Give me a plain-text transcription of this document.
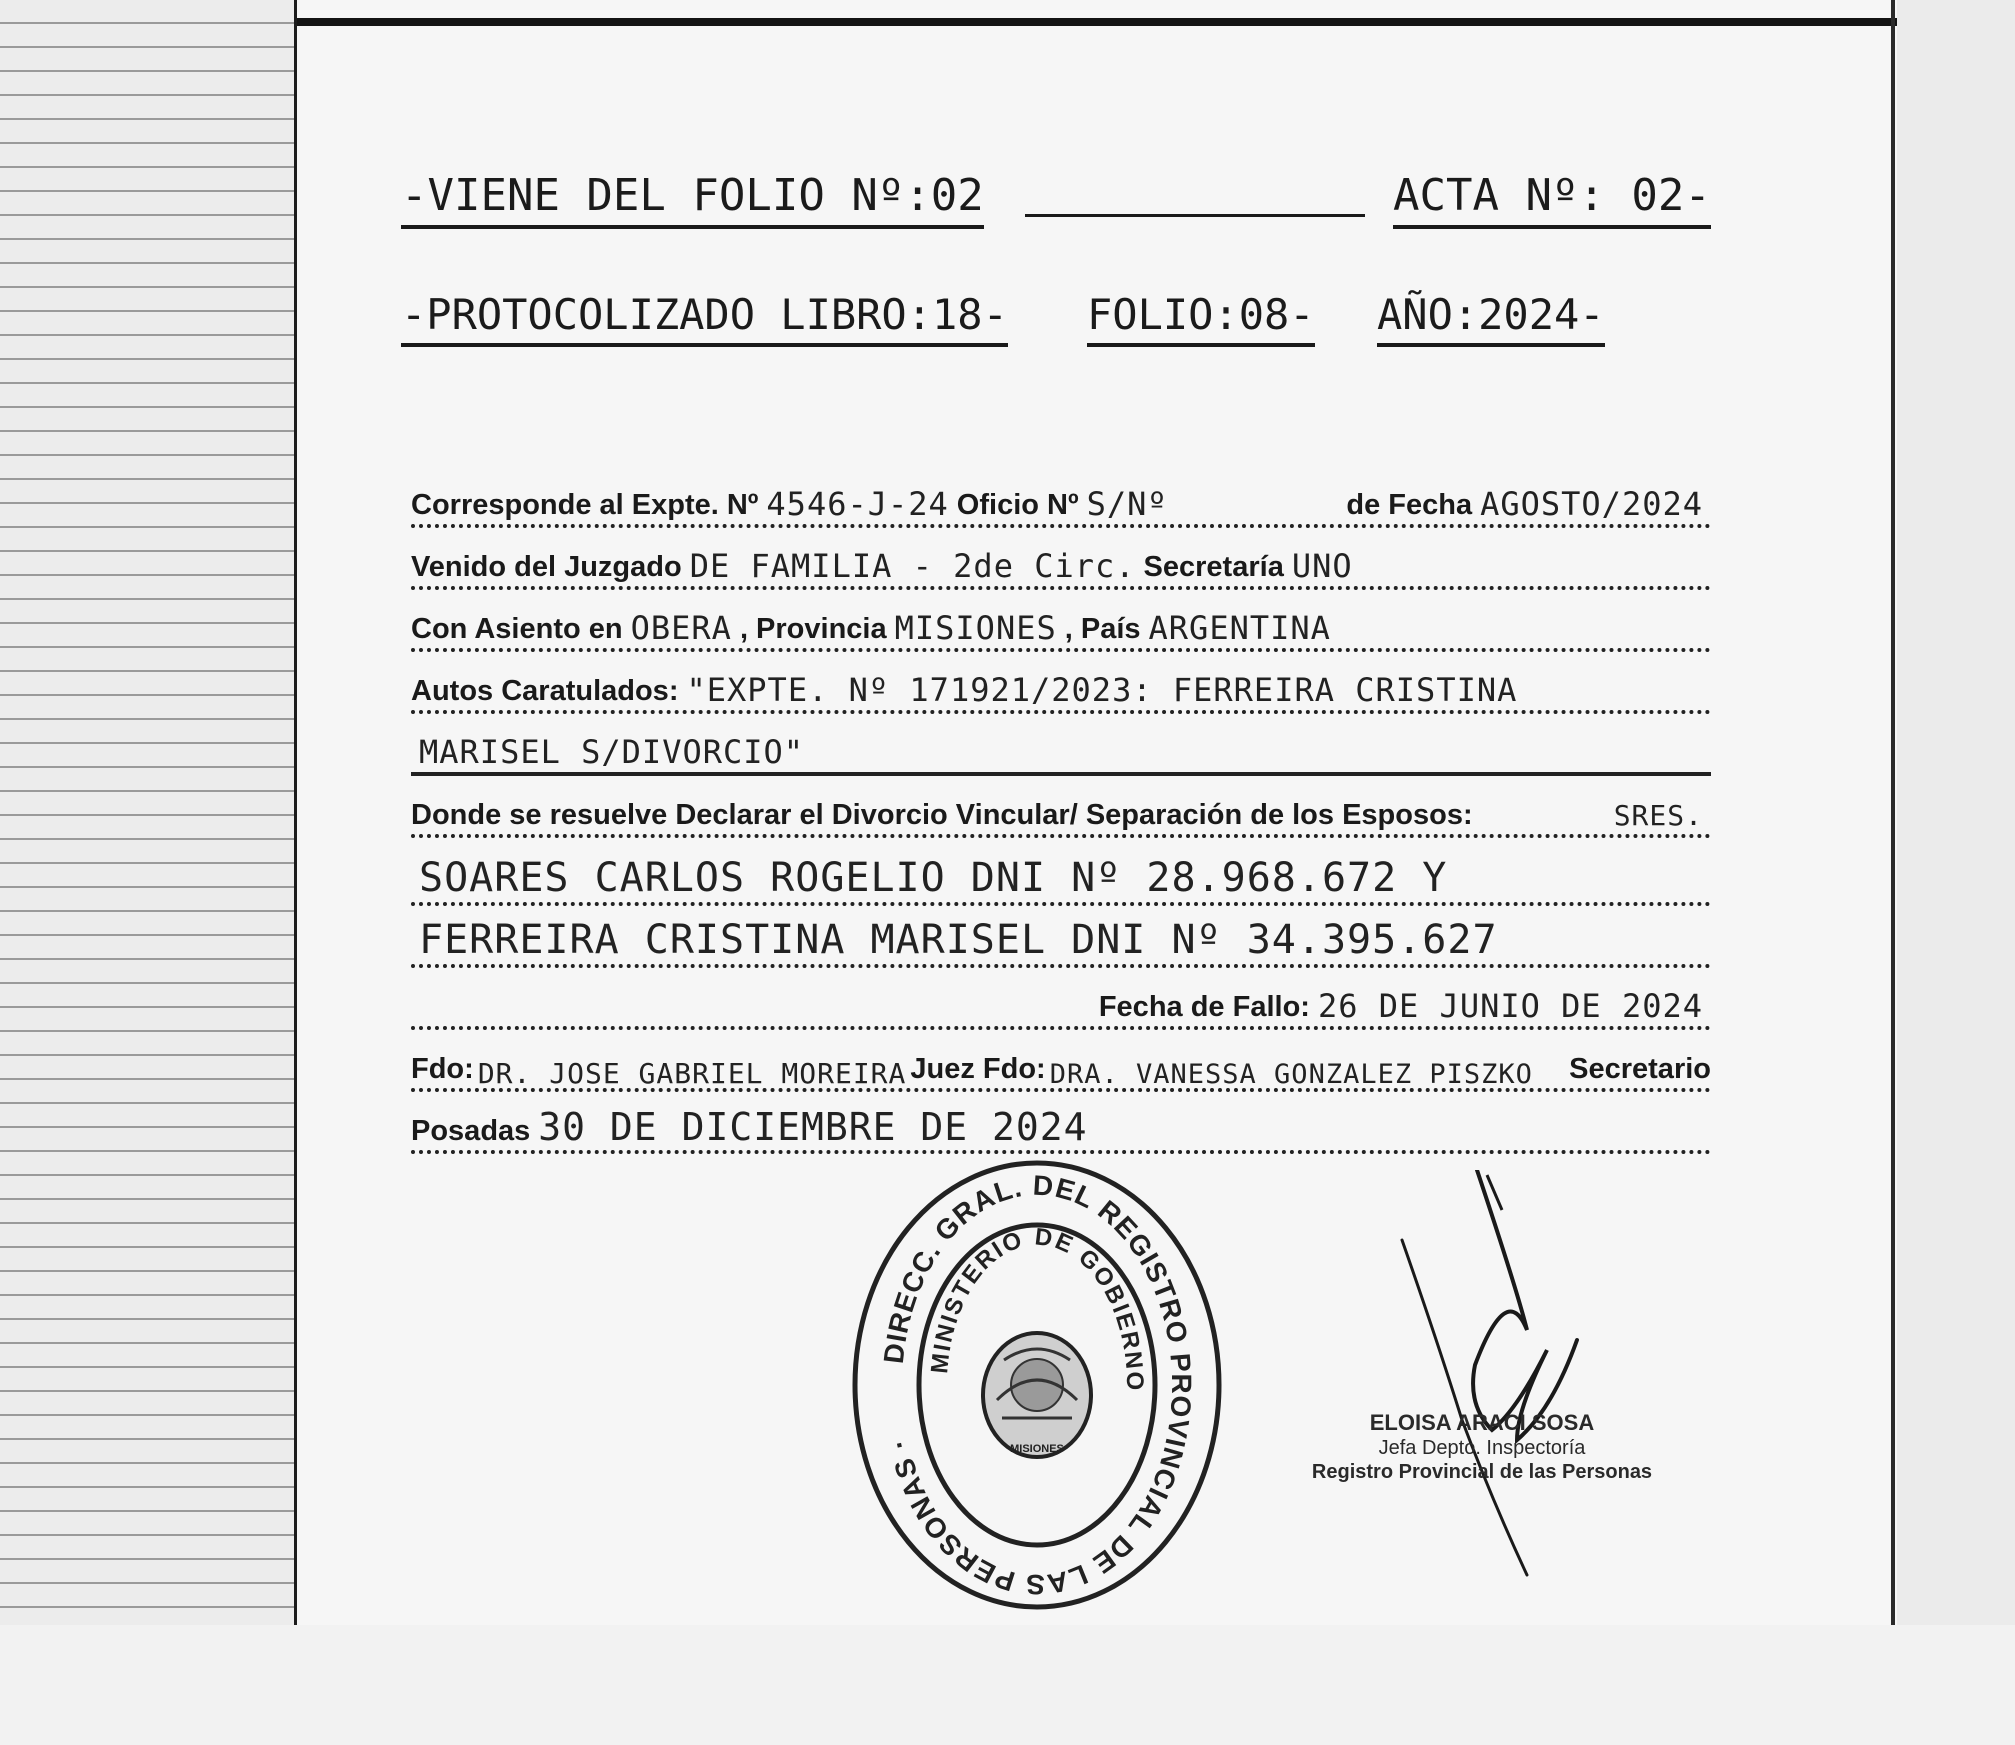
-VIENE DEL FOLIO Nº:02	ACTA Nº: 02-
-PROTOCOLIZADO LIBRO:18- FOLIO:08- AÑO:2024-
Corresponde al Expte. Nº 4546-J-24 Oficio Nº S/Nº	de Fecha AGOSTO/2024
Venido del Juzgado DE FAMILIA - 2de Circ. Secretaría UNO
Con Asiento en OBERA , Provincia MISIONES , País ARGENTINA
Autos Caratulados: "EXPTE. Nº 171921/2023: FERREIRA CRISTINA
MARISEL S/DIVORCIO"
Donde se resuelve Declarar el Divorcio Vincular/ Separación de los Esposos:	SRES.
SOARES CARLOS ROGELIO DNI Nº 28.968.672 Y
FERREIRA CRISTINA MARISEL DNI Nº 34.395.627
Fecha de Fallo: 26 DE JUNIO DE 2024
Fdo: DR. JOSE GABRIEL MOREIRA Juez Fdo: DRA. VANESSA GONZALEZ PISZKO Secretario
Posadas 30 DE DICIEMBRE DE 2024
DIRECC. GRAL. DEL REGISTRO PROVINCIAL DE LAS PERSONAS ·
MINISTERIO DE GOBIERNO
MISIONES
ELOISA ARACI SOSA
Jefa Depto. Inspectoría
Registro Provincial de las Personas
